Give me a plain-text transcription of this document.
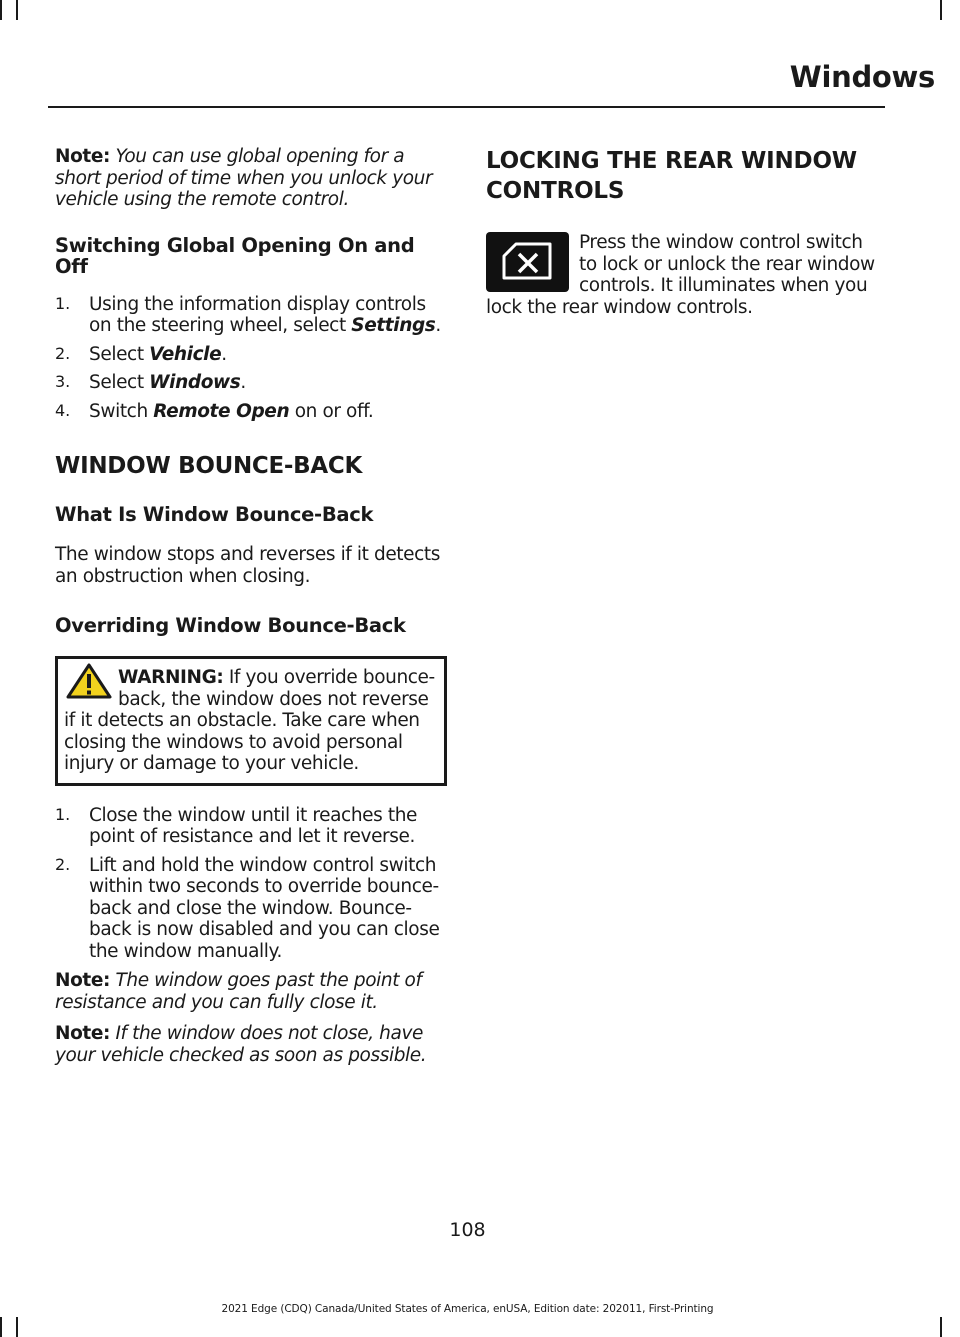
Windows

Note: You can use global opening for a short period of time when you unlock your vehicle using the remote control.

Switching Global Opening On and Off
1. Using the information display controls on the steering wheel, select Settings.

2. Select Vehicle.

3. Select Windows.

4. Switch Remote Open on or off.

WINDOW BOUNCE-BACK
What Is Window Bounce-Back

The window stops and reverses if it detects an obstruction when closing.

Overriding Window Bounce-Back

WARNING: If you override bounce-back, the window does not reverse if it detects an obstacle. Take care when closing the windows to avoid personal injury or damage to your vehicle.

1. Close the window until it reaches the point of resistance and let it reverse.

2. Lift and hold the window control switch within two seconds to override bounce-back and close the window. Bounce-back is now disabled and you can close the window manually.

Note: The window goes past the point of resistance and you can fully close it.

Note: If the window does not close, have your vehicle checked as soon as possible.

LOCKING THE REAR WINDOW CONTROLS

Press the window control switch to lock or unlock the rear window controls. It illuminates when you lock the rear window controls.

108
2021 Edge (CDQ) Canada/United States of America, enUSA, Edition date: 202011, First-Printing
